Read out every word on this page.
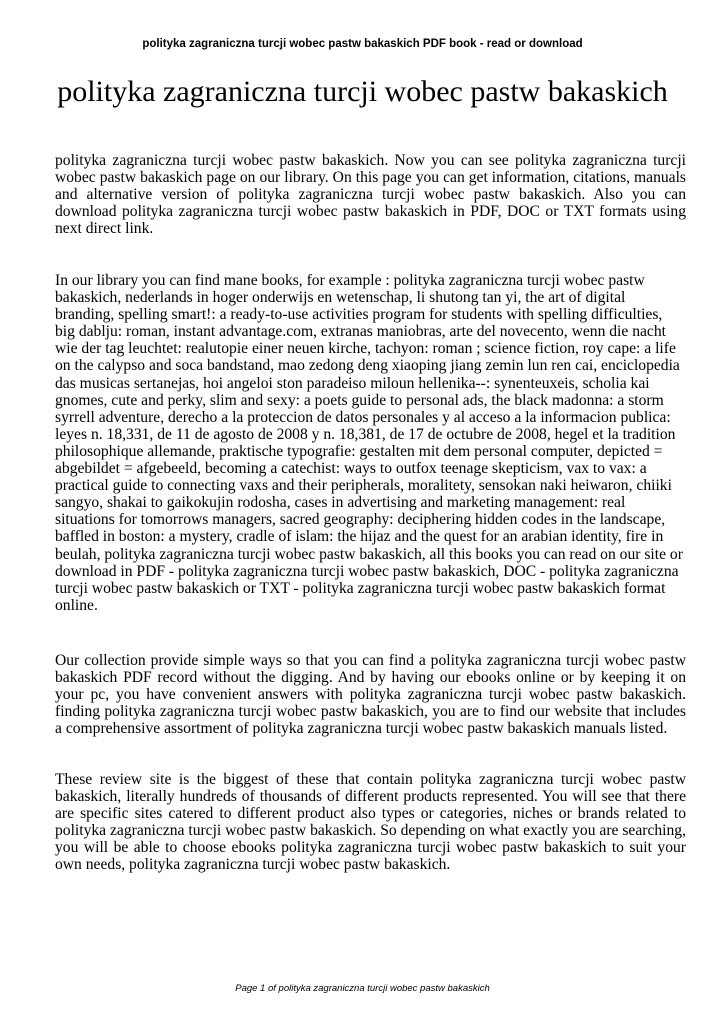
polityka zagraniczna turcji wobec pastw bakaskich PDF book - read or download
polityka zagraniczna turcji wobec pastw bakaskich

polityka zagraniczna turcji wobec pastw bakaskich. Now you can see polityka zagraniczna turcji wobec pastw bakaskich page on our library. On this page you can get information, citations, manuals and alternative version of polityka zagraniczna turcji wobec pastw bakaskich. Also you can download polityka zagraniczna turcji wobec pastw bakaskich in PDF, DOC or TXT formats using next direct link.

In our library you can find mane books, for example : polityka zagraniczna turcji wobec pastw bakaskich, nederlands in hoger onderwijs en wetenschap, li shutong tan yi, the art of digital branding, spelling smart!: a ready-to-use activities program for students with spelling difficulties, big dablju: roman, instant advantage.com, extranas maniobras, arte del novecento, wenn die nacht wie der tag leuchtet: realutopie einer neuen kirche, tachyon: roman ; science fiction, roy cape: a life on the calypso and soca bandstand, mao zedong deng xiaoping jiang zemin lun ren cai, enciclopedia das musicas sertanejas, hoi angeloi ston paradeiso miloun hellenika--: synenteuxeis, scholia kai gnomes, cute and perky, slim and sexy: a poets guide to personal ads, the black madonna: a storm syrrell adventure, derecho a la proteccion de datos personales y al acceso a la informacion publica: leyes n. 18,331, de 11 de agosto de 2008 y n. 18,381, de 17 de octubre de 2008, hegel et la tradition philosophique allemande, praktische typografie: gestalten mit dem personal computer, depicted = abgebildet = afgebeeld, becoming a catechist: ways to outfox teenage skepticism, vax to vax: a practical guide to connecting vaxs and their peripherals, moralitety, sensokan naki heiwaron, chiiki sangyo, shakai to gaikokujin rodosha, cases in advertising and marketing management: real situations for tomorrows managers, sacred geography: deciphering hidden codes in the landscape, baffled in boston: a mystery, cradle of islam: the hijaz and the quest for an arabian identity, fire in beulah, polityka zagraniczna turcji wobec pastw bakaskich, all this books you can read on our site or download in PDF - polityka zagraniczna turcji wobec pastw bakaskich, DOC - polityka zagraniczna turcji wobec pastw bakaskich or TXT - polityka zagraniczna turcji wobec pastw bakaskich format online.

Our collection provide simple ways so that you can find a polityka zagraniczna turcji wobec pastw bakaskich PDF record without the digging. And by having our ebooks online or by keeping it on your pc, you have convenient answers with polityka zagraniczna turcji wobec pastw bakaskich. finding polityka zagraniczna turcji wobec pastw bakaskich, you are to find our website that includes a comprehensive assortment of polityka zagraniczna turcji wobec pastw bakaskich manuals listed.

These review site is the biggest of these that contain polityka zagraniczna turcji wobec pastw bakaskich, literally hundreds of thousands of different products represented. You will see that there are specific sites catered to different product also types or categories, niches or brands related to polityka zagraniczna turcji wobec pastw bakaskich. So depending on what exactly you are searching, you will be able to choose ebooks polityka zagraniczna turcji wobec pastw bakaskich to suit your own needs, polityka zagraniczna turcji wobec pastw bakaskich.

Page 1 of polityka zagraniczna turcji wobec pastw bakaskich
